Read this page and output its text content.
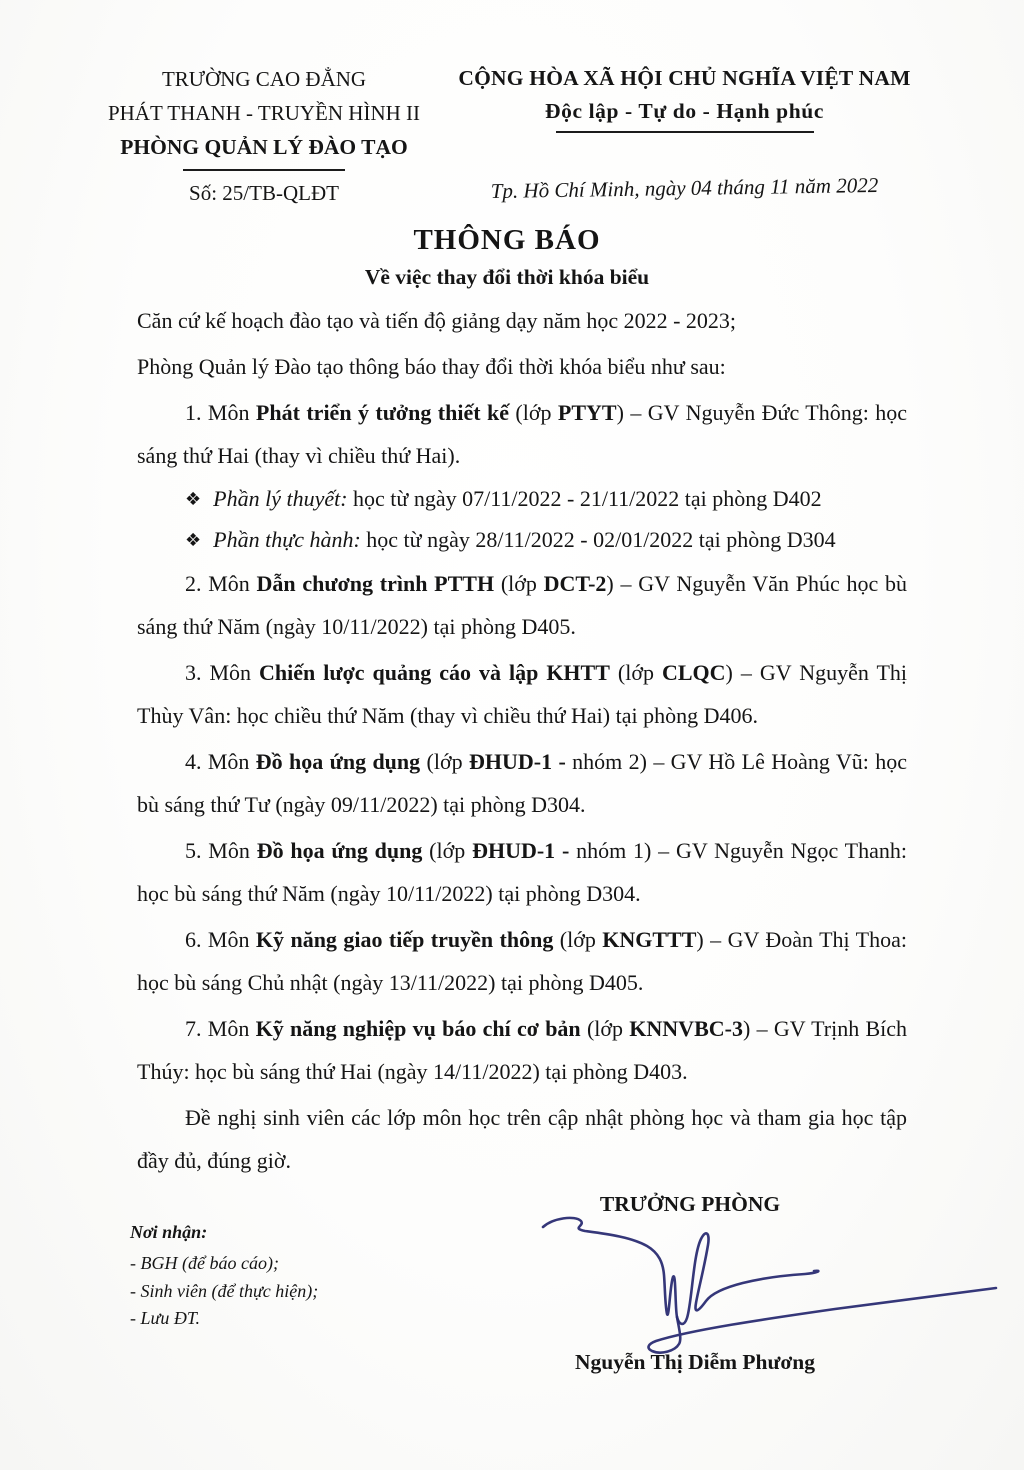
TRƯỜNG CAO ĐẲNG
PHÁT THANH - TRUYỀN HÌNH II
PHÒNG QUẢN LÝ ĐÀO TẠO
Số: 25/TB-QLĐT
CỘNG HÒA XÃ HỘI CHỦ NGHĨA VIỆT NAM
Độc lập - Tự do - Hạnh phúc
Tp. Hồ Chí Minh, ngày 04 tháng 11 năm 2022
THÔNG BÁO
Về việc thay đổi thời khóa biểu

Căn cứ kế hoạch đào tạo và tiến độ giảng dạy năm học 2022 - 2023;

Phòng Quản lý Đào tạo thông báo thay đổi thời khóa biểu như sau:

1. Môn Phát triển ý tưởng thiết kế (lớp PTYT) – GV Nguyễn Đức Thông: học sáng thứ Hai (thay vì chiều thứ Hai).

❖ Phần lý thuyết: học từ ngày 07/11/2022 - 21/11/2022 tại phòng D402

❖ Phần thực hành: học từ ngày 28/11/2022 - 02/01/2022 tại phòng D304

2. Môn Dẫn chương trình PTTH (lớp DCT-2) – GV Nguyễn Văn Phúc học bù sáng thứ Năm (ngày 10/11/2022) tại phòng D405.

3. Môn Chiến lược quảng cáo và lập KHTT (lớp CLQC) – GV Nguyễn Thị Thùy Vân: học chiều thứ Năm (thay vì chiều thứ Hai) tại phòng D406.

4. Môn Đồ họa ứng dụng (lớp ĐHUD-1 - nhóm 2) – GV Hồ Lê Hoàng Vũ: học bù sáng thứ Tư (ngày 09/11/2022) tại phòng D304.

5. Môn Đồ họa ứng dụng (lớp ĐHUD-1 - nhóm 1) – GV Nguyễn Ngọc Thanh: học bù sáng thứ Năm (ngày 10/11/2022) tại phòng D304.

6. Môn Kỹ năng giao tiếp truyền thông (lớp KNGTTT) – GV Đoàn Thị Thoa: học bù sáng Chủ nhật (ngày 13/11/2022) tại phòng D405.

7. Môn Kỹ năng nghiệp vụ báo chí cơ bản (lớp KNNVBC-3) – GV Trịnh Bích Thúy: học bù sáng thứ Hai (ngày 14/11/2022) tại phòng D403.

Đề nghị sinh viên các lớp môn học trên cập nhật phòng học và tham gia học tập đầy đủ, đúng giờ.

TRƯỞNG PHÒNG
Nguyễn Thị Diễm Phương
Nơi nhận:
- BGH (để báo cáo);
- Sinh viên (để thực hiện);
- Lưu ĐT.
